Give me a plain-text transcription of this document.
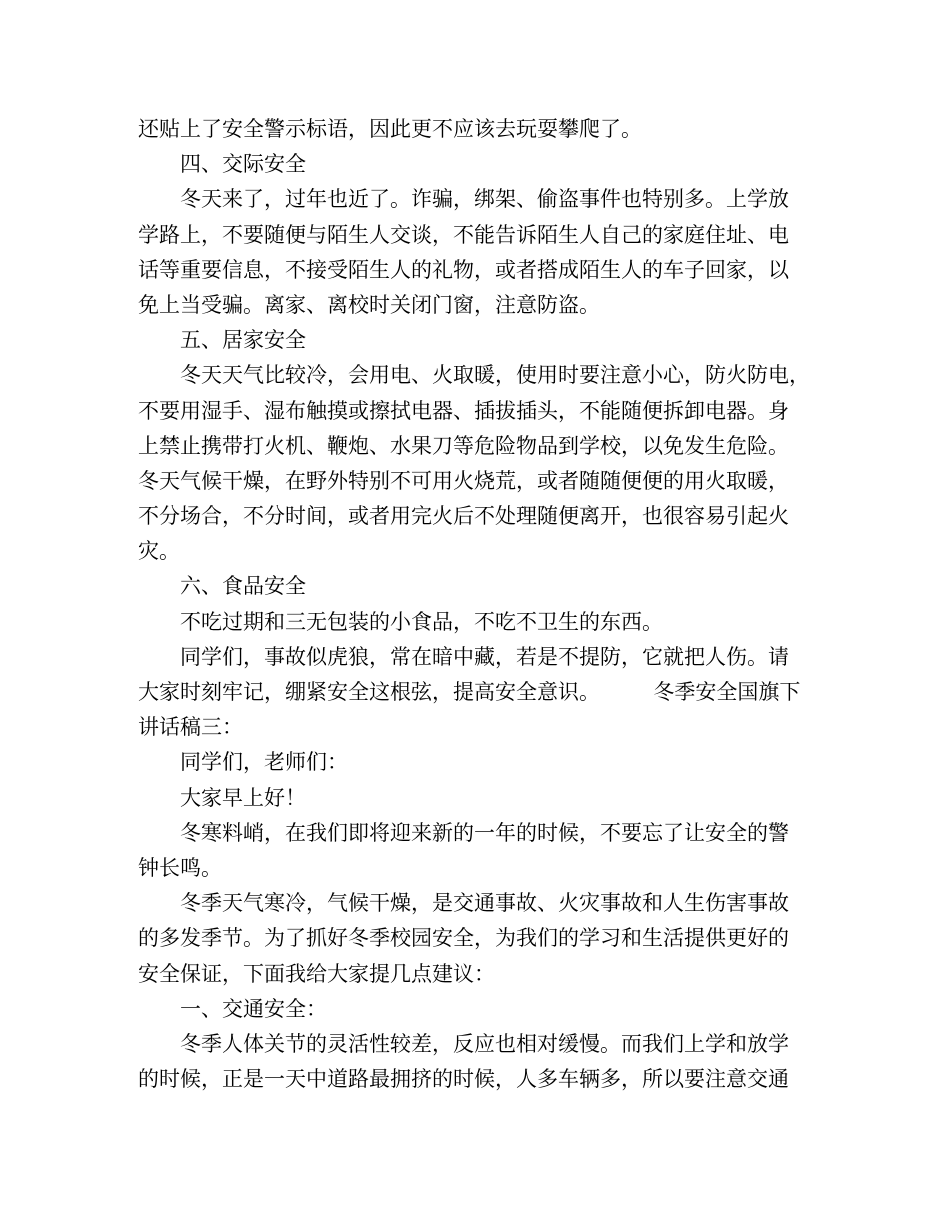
还贴上了安全警示标语，因此更不应该去玩耍攀爬了。
四、交际安全
冬天来了，过年也近了。诈骗，绑架、偷盗事件也特别多。上学放
学路上，不要随便与陌生人交谈，不能告诉陌生人自己的家庭住址、电
话等重要信息，不接受陌生人的礼物，或者搭成陌生人的车子回家，以
免上当受骗。离家、离校时关闭门窗，注意防盗。
五、居家安全
冬天天气比较冷，会用电、火取暖，使用时要注意小心，防火防电，
不要用湿手、湿布触摸或擦拭电器、插拔插头，不能随便拆卸电器。身
上禁止携带打火机、鞭炮、水果刀等危险物品到学校，以免发生危险。
冬天气候干燥，在野外特别不可用火烧荒，或者随随便便的用火取暖，
不分场合，不分时间，或者用完火后不处理随便离开，也很容易引起火
灾。
六、食品安全
不吃过期和三无包装的小食品，不吃不卫生的东西。
同学们，事故似虎狼，常在暗中藏，若是不提防，它就把人伤。请
大家时刻牢记，绷紧安全这根弦，提高安全意识。        冬季安全国旗下
讲话稿三：
同学们，老师们：
大家早上好！
冬寒料峭，在我们即将迎来新的一年的时候，不要忘了让安全的警
钟长鸣。
冬季天气寒冷，气候干燥，是交通事故、火灾事故和人生伤害事故
的多发季节。为了抓好冬季校园安全，为我们的学习和生活提供更好的
安全保证，下面我给大家提几点建议：
一、交通安全：
冬季人体关节的灵活性较差，反应也相对缓慢。而我们上学和放学
的时候，正是一天中道路最拥挤的时候，人多车辆多，所以要注意交通
